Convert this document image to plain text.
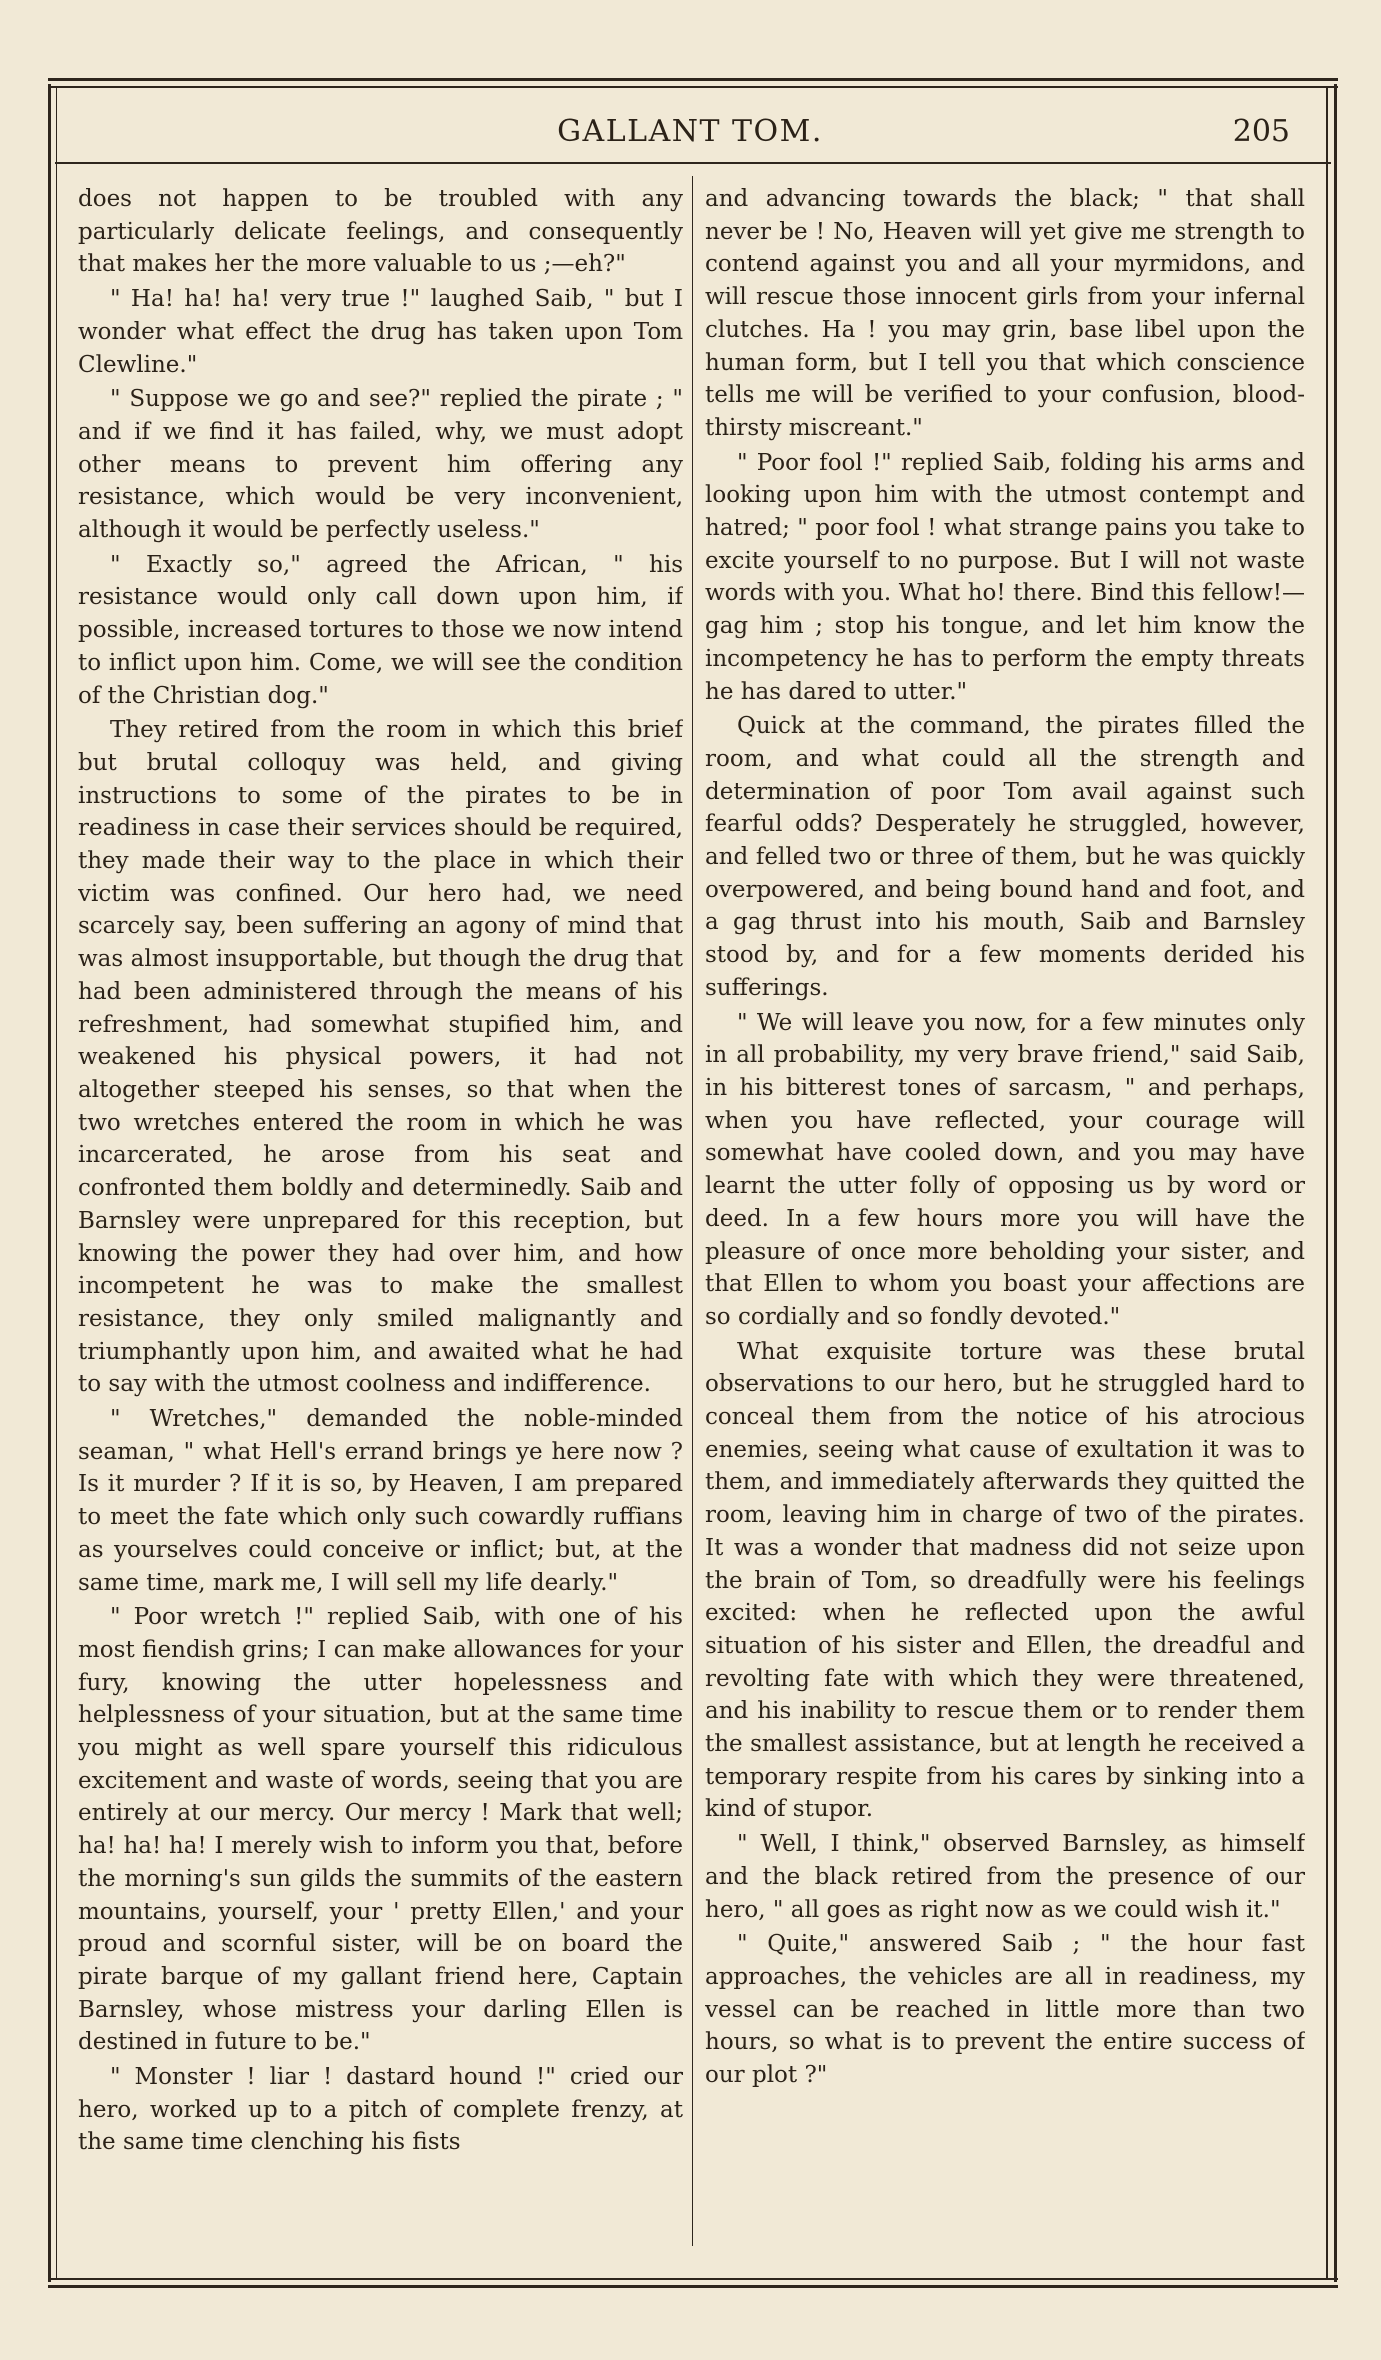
GALLANT TOM.	205

does not happen to be troubled with any particularly delicate feelings, and consequently that makes her the more valuable to us ;—eh?"

" Ha! ha! ha! very true !" laughed Saib, " but I wonder what effect the drug has taken upon Tom Clewline."

" Suppose we go and see?" replied the pirate ; " and if we find it has failed, why, we must adopt other means to prevent him offering any resistance, which would be very inconvenient, although it would be perfectly useless."

" Exactly so," agreed the African, " his resistance would only call down upon him, if possible, increased tortures to those we now intend to inflict upon him. Come, we will see the condition of the Christian dog."

They retired from the room in which this brief but brutal colloquy was held, and giving instructions to some of the pirates to be in readiness in case their services should be required, they made their way to the place in which their victim was confined. Our hero had, we need scarcely say, been suffering an agony of mind that was almost insupportable, but though the drug that had been administered through the means of his refreshment, had somewhat stupified him, and weakened his physical powers, it had not altogether steeped his senses, so that when the two wretches entered the room in which he was incarcerated, he arose from his seat and confronted them boldly and determinedly. Saib and Barnsley were unprepared for this reception, but knowing the power they had over him, and how incompetent he was to make the smallest resistance, they only smiled malignantly and triumphantly upon him, and awaited what he had to say with the utmost coolness and indifference.

" Wretches," demanded the noble-minded seaman, " what Hell's errand brings ye here now ? Is it murder ? If it is so, by Heaven, I am prepared to meet the fate which only such cowardly ruffians as yourselves could conceive or inflict; but, at the same time, mark me, I will sell my life dearly."

" Poor wretch !" replied Saib, with one of his most fiendish grins; I can make allowances for your fury, knowing the utter hopelessness and helplessness of your situation, but at the same time you might as well spare yourself this ridiculous excitement and waste of words, seeing that you are entirely at our mercy. Our mercy ! Mark that well; ha! ha! ha! I merely wish to inform you that, before the morning's sun gilds the summits of the eastern mountains, yourself, your ' pretty Ellen,' and your proud and scornful sister, will be on board the pirate barque of my gallant friend here, Captain Barnsley, whose mistress your darling Ellen is destined in future to be."

" Monster ! liar ! dastard hound !" cried our hero, worked up to a pitch of complete frenzy, at the same time clenching his fists

and advancing towards the black; " that shall never be ! No, Heaven will yet give me strength to contend against you and all your myrmidons, and will rescue those innocent girls from your infernal clutches. Ha ! you may grin, base libel upon the human form, but I tell you that which conscience tells me will be verified to your confusion, blood-thirsty miscreant."

" Poor fool !" replied Saib, folding his arms and looking upon him with the utmost contempt and hatred; " poor fool ! what strange pains you take to excite yourself to no purpose. But I will not waste words with you. What ho! there. Bind this fellow!—gag him ; stop his tongue, and let him know the incompetency he has to perform the empty threats he has dared to utter."

Quick at the command, the pirates filled the room, and what could all the strength and determination of poor Tom avail against such fearful odds? Desperately he struggled, however, and felled two or three of them, but he was quickly overpowered, and being bound hand and foot, and a gag thrust into his mouth, Saib and Barnsley stood by, and for a few moments derided his sufferings.

" We will leave you now, for a few minutes only in all probability, my very brave friend," said Saib, in his bitterest tones of sarcasm, " and perhaps, when you have reflected, your courage will somewhat have cooled down, and you may have learnt the utter folly of opposing us by word or deed. In a few hours more you will have the pleasure of once more beholding your sister, and that Ellen to whom you boast your affections are so cordially and so fondly devoted."

What exquisite torture was these brutal observations to our hero, but he struggled hard to conceal them from the notice of his atrocious enemies, seeing what cause of exultation it was to them, and immediately afterwards they quitted the room, leaving him in charge of two of the pirates. It was a wonder that madness did not seize upon the brain of Tom, so dreadfully were his feelings excited: when he reflected upon the awful situation of his sister and Ellen, the dreadful and revolting fate with which they were threatened, and his inability to rescue them or to render them the smallest assistance, but at length he received a temporary respite from his cares by sinking into a kind of stupor.

" Well, I think," observed Barnsley, as himself and the black retired from the presence of our hero, " all goes as right now as we could wish it."

" Quite," answered Saib ; " the hour fast approaches, the vehicles are all in readiness, my vessel can be reached in little more than two hours, so what is to prevent the entire success of our plot ?"
